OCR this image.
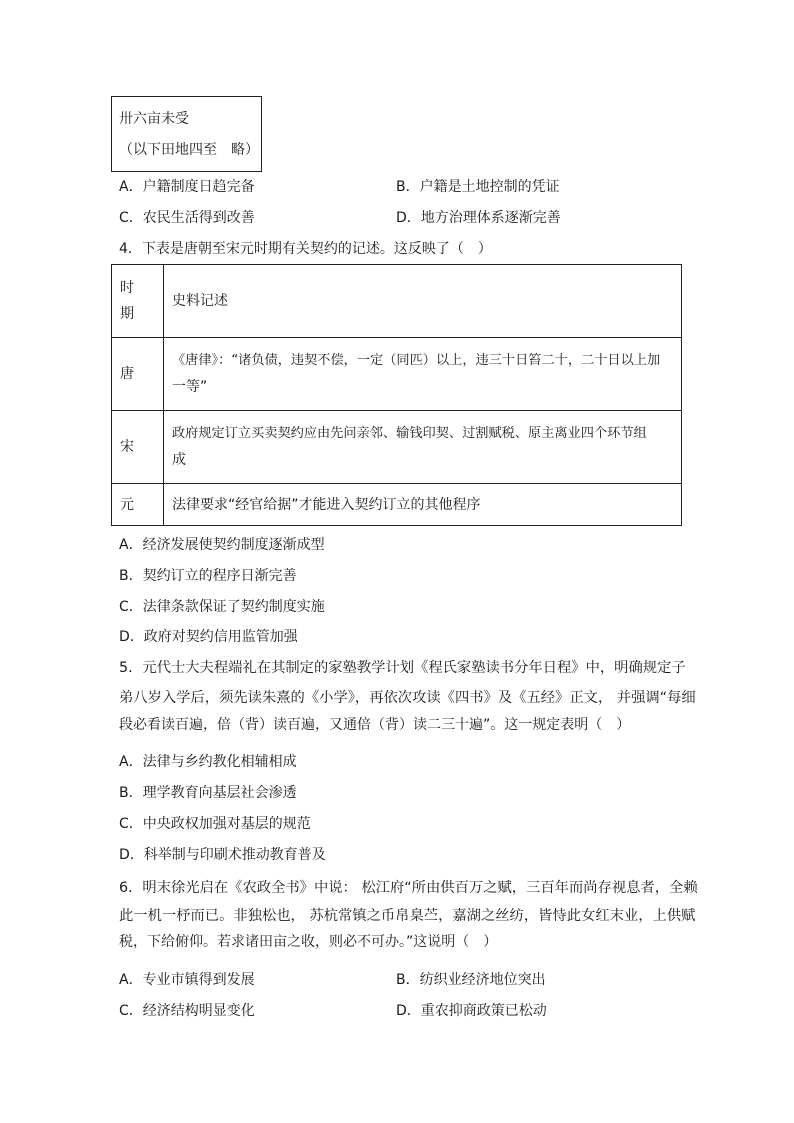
卅六亩未受
（以下田地四至　略）
A．户籍制度日趋完备	B．户籍是土地控制的凭证
C．农民生活得到改善	D．地方治理体系逐渐完善
4．下表是唐朝至宋元时期有关契约的记述。这反映了（　）
时
期	史料记述
唐	《唐律》：“诸负债，违契不偿，一定（同匹）以上，违三十日笞二十，二十日以上加
一等”

宋	政府规定订立买卖契约应由先问亲邻、输钱印契、过割赋税、原主离业四个环节组
成

元	法律要求“经官给据”才能进入契约订立的其他程序
A．经济发展使契约制度逐渐成型
B．契约订立的程序日渐完善
C．法律条款保证了契约制度实施
D．政府对契约信用监管加强
5．元代士大夫程端礼在其制定的家塾教学计划《程氏家塾读书分年日程》中，明确规定子
弟八岁入学后，须先读朱熹的《小学》，再依次攻读《四书》及《五经》正文， 并强调“每细
段必看读百遍，倍（背）读百遍，又通倍（背）读二三十遍”。这一规定表明（　）
A．法律与乡约教化相辅相成
B．理学教育向基层社会渗透
C．中央政权加强对基层的规范
D．科举制与印刷术推动教育普及
6．明末徐光启在《农政全书》中说： 松江府“所由供百万之赋，三百年而尚存视息者，全赖
此一机一杼而已。非独松也， 苏杭常镇之币帛臬苎，嘉湖之丝纺，皆恃此女红末业，上供赋
税，下给俯仰。若求诸田亩之收，则必不可办。”这说明（　）
A．专业市镇得到发展	B．纺织业经济地位突出
C．经济结构明显变化	D．重农抑商政策已松动
